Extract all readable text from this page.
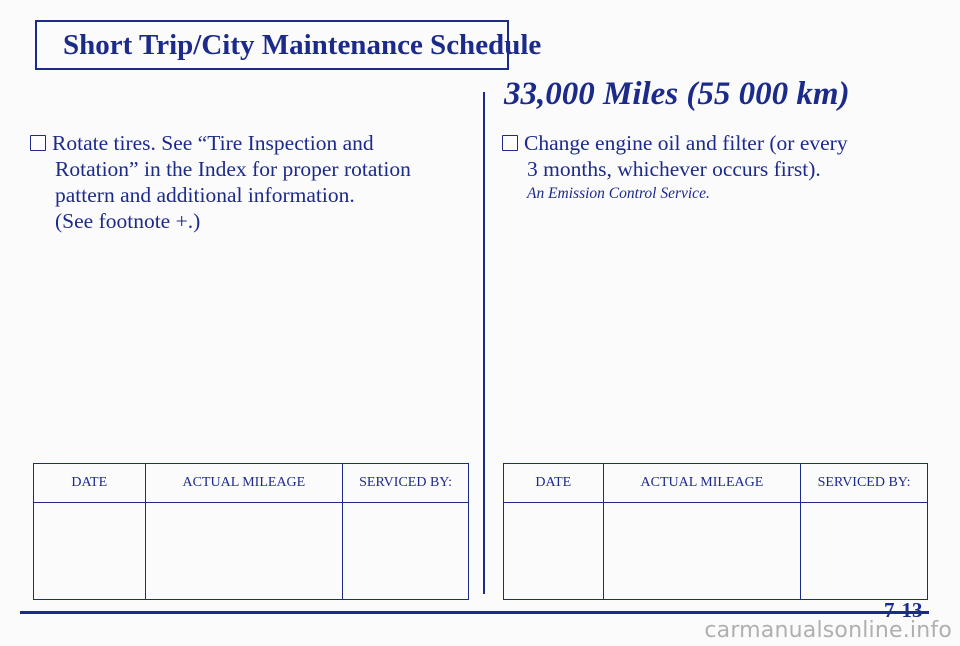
Short Trip/City Maintenance Schedule
33,000 Miles (55 000 km)
Rotate tires. See “Tire Inspection and
Rotation” in the Index for proper rotation
pattern and additional information.
(See footnote +.)
Change engine oil and filter (or every
3 months, whichever occurs first).
An Emission Control Service.
DATE	ACTUAL MILEAGE	SERVICED BY:
			DATE	ACTUAL MILEAGE	SERVICED BY:

7-13
carmanualsonline.info
